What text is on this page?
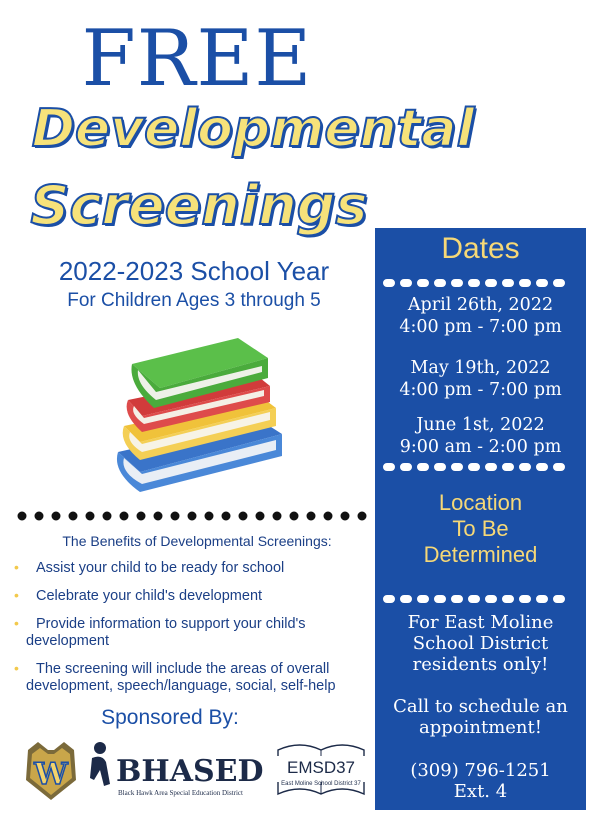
FREE
Developmental
Screenings
2022-2023 School Year
For Children Ages 3 through 5
The Benefits of Developmental Screenings:
• Assist your child to be ready for school
• Celebrate your child's development
• Provide information to support your child's development
• The screening will include the areas of overall development, speech/language, social, self-help
Sponsored By:
W BHASED
Black Hawk Area Special Education District
EMSD37
East Moline School District 37
Dates
April 26th, 2022
4:00 pm - 7:00 pm
May 19th, 2022
4:00 pm - 7:00 pm
June 1st, 2022
9:00 am - 2:00 pm
Location
To Be
Determined
For East Moline
School District
residents only!
Call to schedule an
appointment!
(309) 796-1251
Ext. 4
